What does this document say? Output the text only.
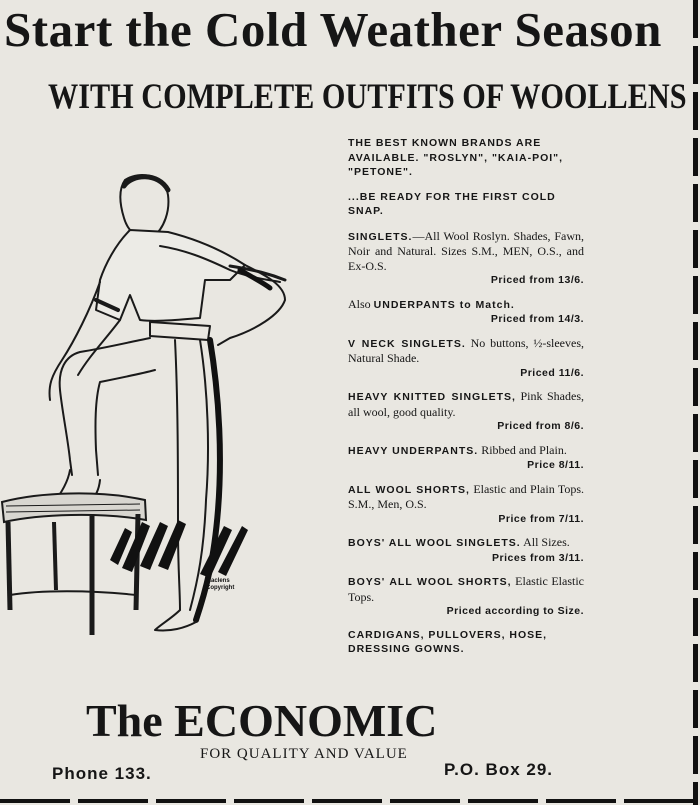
Start the Cold Weather Season
WITH COMPLETE OUTFITS OF WOOLLENS
Maclens
Copyright
THE BEST KNOWN BRANDS ARE AVAILABLE. "ROSLYN", "KAIA-POI", "PETONE".
...BE READY FOR THE FIRST COLD SNAP.
SINGLETS.—All Wool Roslyn. Shades, Fawn, Noir and Natural. Sizes S.M., MEN, O.S., and Ex-O.S.
Priced from 13/6.
Also UNDERPANTS to Match.
Priced from 14/3.
V NECK SINGLETS. No buttons, ½-sleeves, Natural Shade.
Priced 11/6.
HEAVY KNITTED SINGLETS, Pink Shades, all wool, good quality.
Priced from 8/6.
HEAVY UNDERPANTS. Ribbed and Plain.
Price 8/11.
ALL WOOL SHORTS, Elastic and Plain Tops. S.M., Men, O.S.
Price from 7/11.
BOYS' ALL WOOL SINGLETS. All Sizes.
Prices from 3/11.
BOYS' ALL WOOL SHORTS, Elastic Elastic Tops.
Priced according to Size.
CARDIGANS, PULLOVERS, HOSE, DRESSING GOWNS.
The ECONOMIC
FOR QUALITY AND VALUE
Phone 133.	P.O. Box 29.
